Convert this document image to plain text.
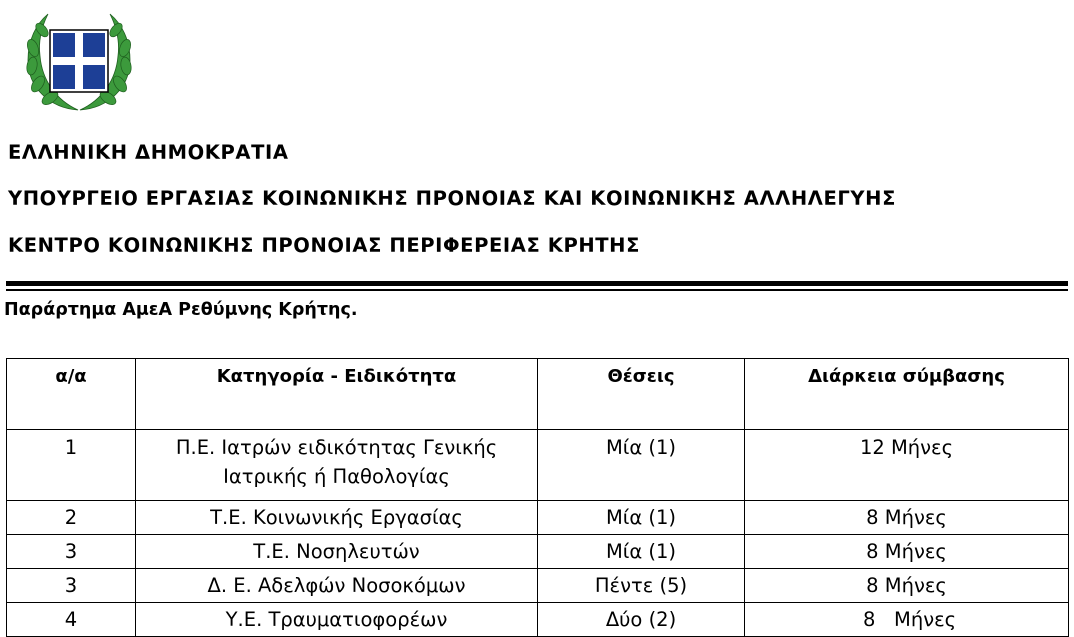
ΕΛΛΗΝΙΚΗ ΔΗΜΟΚΡΑΤΙΑ
ΥΠΟΥΡΓΕΙΟ ΕΡΓΑΣΙΑΣ ΚΟΙΝΩΝΙΚΗΣ ΠΡΟΝΟΙΑΣ ΚΑΙ ΚΟΙΝΩΝΙΚΗΣ ΑΛΛΗΛΕΓΥΗΣ
ΚΕΝΤΡΟ ΚΟΙΝΩΝΙΚΗΣ ΠΡΟΝΟΙΑΣ ΠΕΡΙΦΕΡΕΙΑΣ ΚΡΗΤΗΣ
Παράρτημα ΑμεΑ Ρεθύμνης Κρήτης.
α/α	Κατηγορία - Ειδικότητα	Θέσεις	Διάρκεια σύμβασης
1	Π.Ε. Ιατρών ειδικότητας Γενικής
Ιατρικής ή Παθολογίας	Μία (1)	12 Μήνες
2	Τ.Ε. Κοινωνικής Εργασίας	Μία (1)	8 Μήνες
3	Τ.Ε. Νοσηλευτών	Μία (1)	8 Μήνες
3	Δ. Ε. Αδελφών Νοσοκόμων	Πέντε (5)	8 Μήνες
4	Υ.Ε. Τραυματιοφορέων	Δύο (2)	8   Μήνες
